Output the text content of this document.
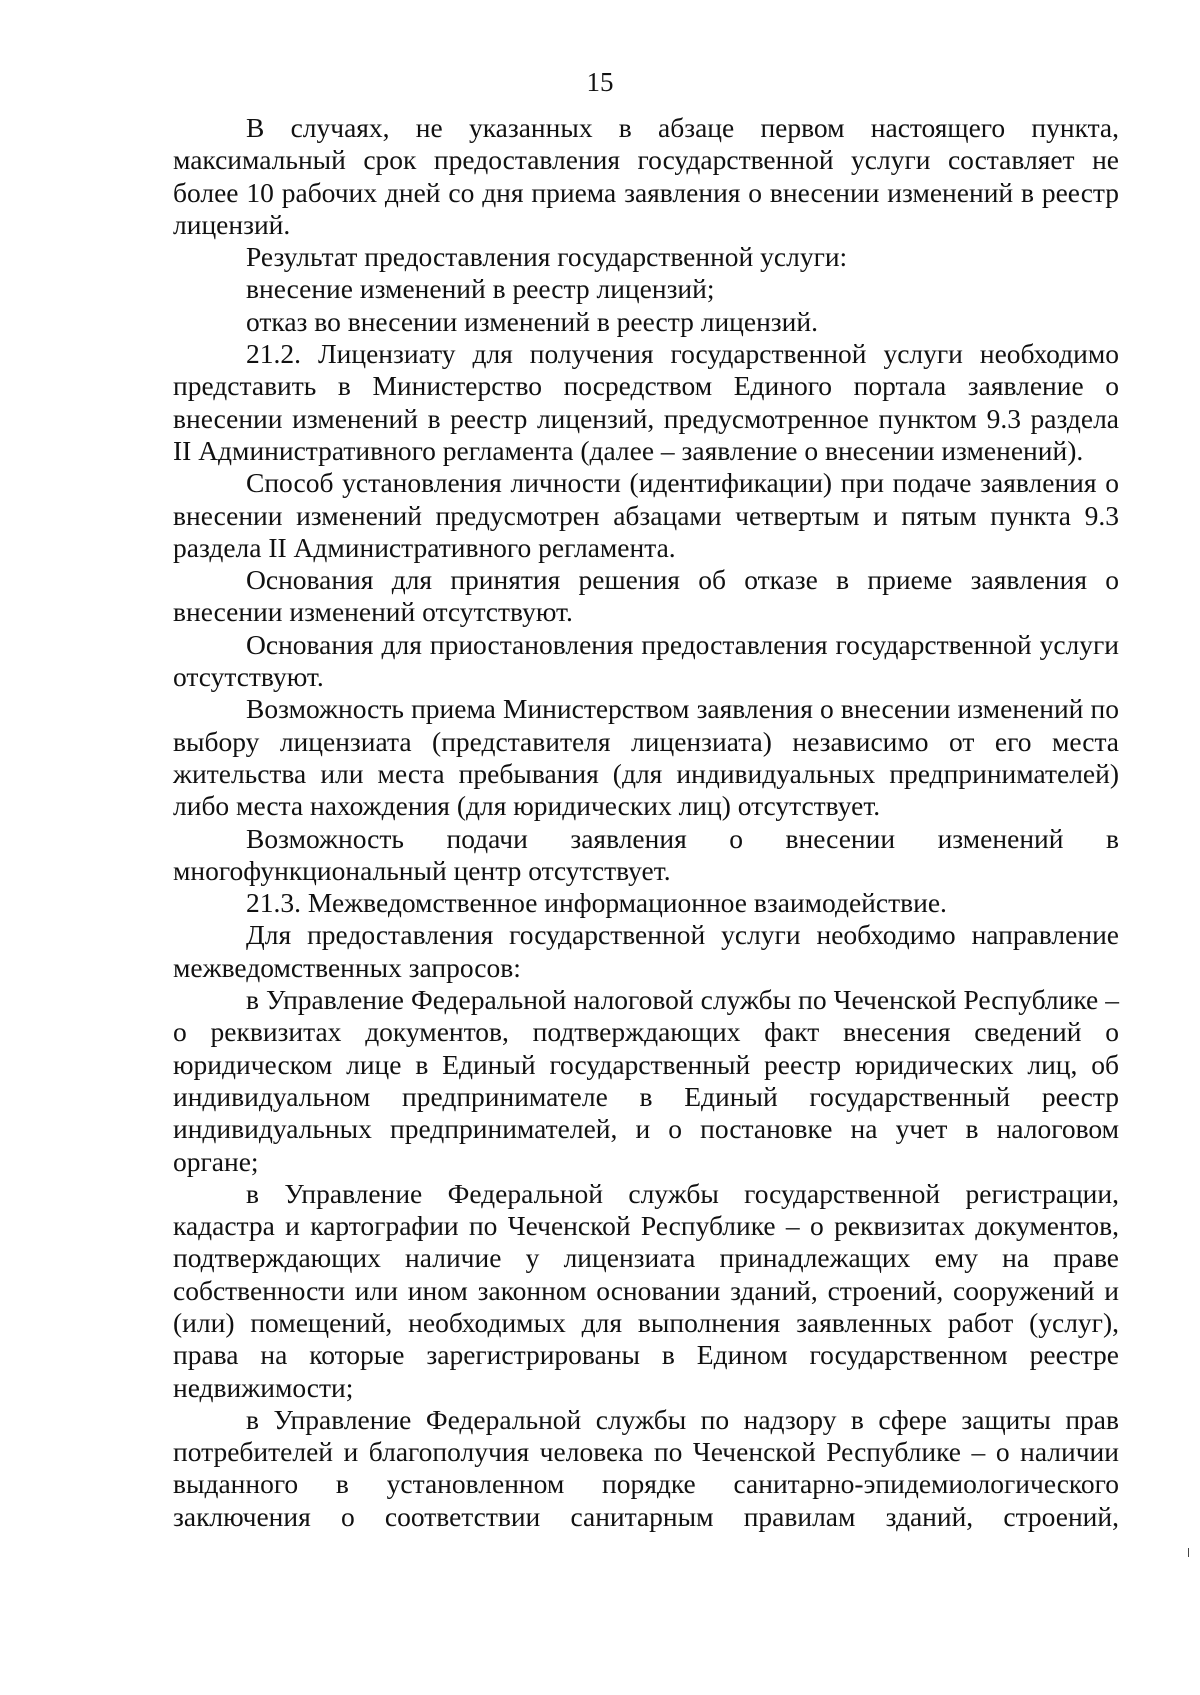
15

В случаях, не указанных в абзаце первом настоящего пункта, максимальный срок предоставления государственной услуги составляет не более 10 рабочих дней со дня приема заявления о внесении изменений в реестр лицензий.

Результат предоставления государственной услуги:

внесение изменений в реестр лицензий;

отказ во внесении изменений в реестр лицензий.

21.2. Лицензиату для получения государственной услуги необходимо представить в Министерство посредством Единого портала заявление о внесении изменений в реестр лицензий, предусмотренное пунктом 9.3 раздела II Административного регламента (далее – заявление о внесении изменений).

Способ установления личности (идентификации) при подаче заявления о внесении изменений предусмотрен абзацами четвертым и пятым пункта 9.3 раздела II Административного регламента.

Основания для принятия решения об отказе в приеме заявления о внесении изменений отсутствуют.

Основания для приостановления предоставления государственной услуги отсутствуют.

Возможность приема Министерством заявления о внесении изменений по выбору лицензиата (представителя лицензиата) независимо от его места жительства или места пребывания (для индивидуальных предпринимателей) либо места нахождения (для юридических лиц) отсутствует.

Возможность подачи заявления о внесении изменений в многофункциональный центр отсутствует.

21.3. Межведомственное информационное взаимодействие.

Для предоставления государственной услуги необходимо направление межведомственных запросов:

в Управление Федеральной налоговой службы по Чеченской Республике – о реквизитах документов, подтверждающих факт внесения сведений о юридическом лице в Единый государственный реестр юридических лиц, об индивидуальном предпринимателе в Единый государственный реестр индивидуальных предпринимателей, и о постановке на учет в налоговом органе;

в Управление Федеральной службы государственной регистрации, кадастра и картографии по Чеченской Республике – о реквизитах документов, подтверждающих наличие у лицензиата принадлежащих ему на праве собственности или ином законном основании зданий, строений, сооружений и (или) помещений, необходимых для выполнения заявленных работ (услуг), права на которые зарегистрированы в Едином государственном реестре недвижимости;

в Управление Федеральной службы по надзору в сфере защиты прав потребителей и благополучия человека по Чеченской Республике – о наличии выданного в установленном порядке санитарно-эпидемиологического заключения о соответствии санитарным правилам зданий, строений,
